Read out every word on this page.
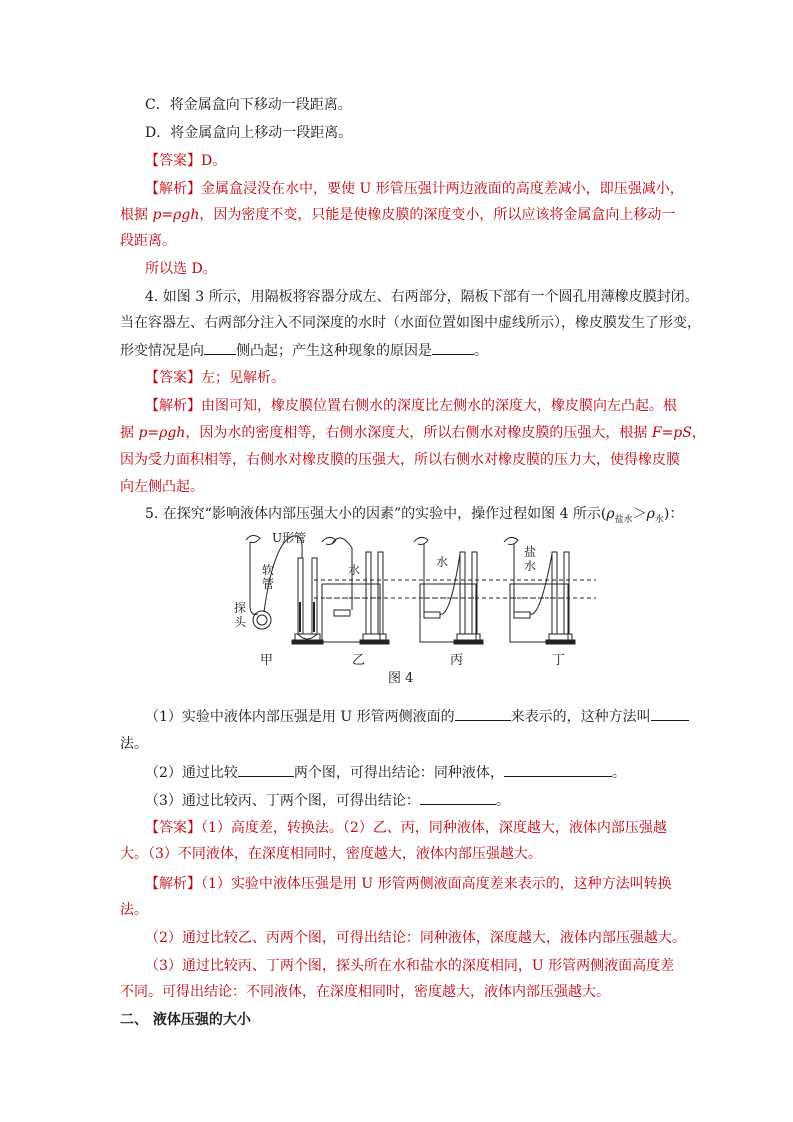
C．将金属盒向下移动一段距离。
D．将金属盒向上移动一段距离。
【答案】D。
【解析】金属盒浸没在水中，要使 U 形管压强计两边液面的高度差减小，即压强减小，
根据 p=ρgh，因为密度不变，只能是使橡皮膜的深度变小，所以应该将金属盒向上移动一
段距离。
所以选 D。
4. 如图 3 所示，用隔板将容器分成左、右两部分，隔板下部有一个圆孔用薄橡皮膜封闭。
当在容器左、右两部分注入不同深度的水时（水面位置如图中虚线所示），橡皮膜发生了形变，
形变情况是向 侧凸起；产生这种现象的原因是	。
【答案】左；见解析。
【解析】由图可知，橡皮膜位置右侧水的深度比左侧水的深度大，橡皮膜向左凸起。根
据 p=ρgh，因为水的密度相等，右侧水深度大，所以右侧水对橡皮膜的压强大，根据 F=pS，
因为受力面积相等，右侧水对橡皮膜的压强大，所以右侧水对橡皮膜的压力大，使得橡皮膜
向左侧凸起。
5. 在探究“影响液体内部压强大小的因素”的实验中，操作过程如图 4 所示$(\rho_{盐水}>\rho_水)$：
U形管
软
管
探
头
水
水
盐
水
甲	乙	丙	丁
图 4
（1）实验中液体内部压强是用 U 形管两侧液面的	来表示的，这种方法叫
法。
（2）通过比较	两个图，可得出结论：同种液体，	。
（3）通过比较丙、丁两个图，可得出结论：	。
【答案】（1）高度差，转换法。（2）乙、丙，同种液体，深度越大，液体内部压强越
大。（3）不同液体，在深度相同时，密度越大，液体内部压强越大。
【解析】（1）实验中液体压强是用 U 形管两侧液面高度差来表示的，这种方法叫转换
法。
（2）通过比较乙、丙两个图，可得出结论：同种液体，深度越大，液体内部压强越大。
（3）通过比较丙、丁两个图，探头所在水和盐水的深度相同，U 形管两侧液面高度差
不同。可得出结论：不同液体，在深度相同时，密度越大，液体内部压强越大。
二、 液体压强的大小
